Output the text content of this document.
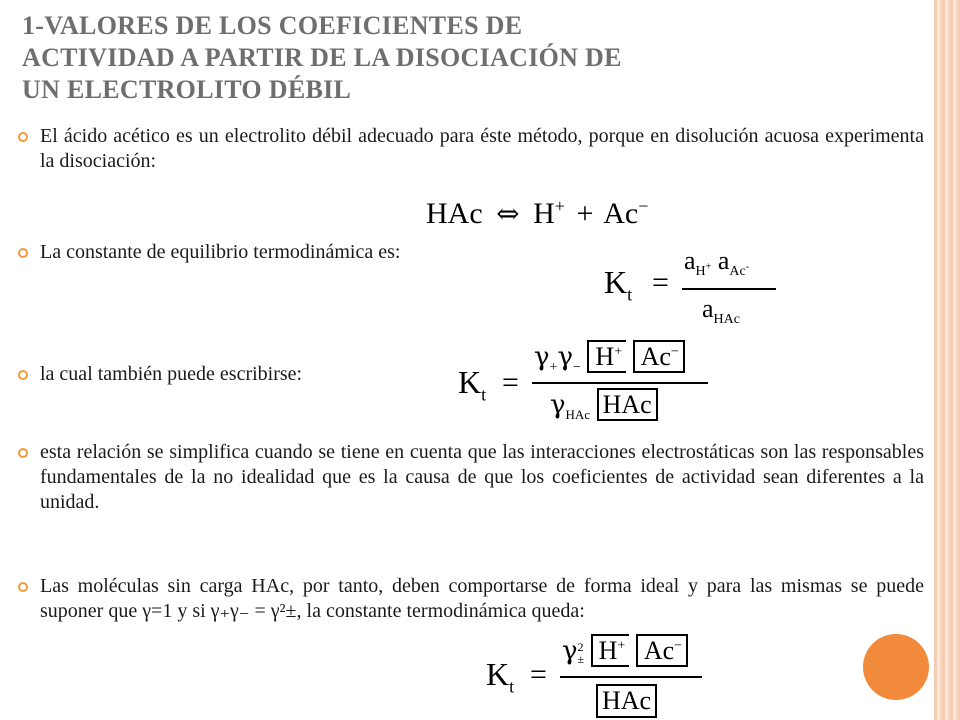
1-VALORES DE LOS COEFICIENTES DE
ACTIVIDAD A PARTIR DE LA DISOCIACIÓN DE
UN ELECTROLITO DÉBIL
El ácido acético es un electrolito débil adecuado para éste método, porque en disolución acuosa experimenta la disociación:
HAc ⇔ H+ + Ac−
La constante de equilibrio termodinámica es:
$K_t$ =
$a_{H^+}$ $a_{Ac^-}$
$a_{HAc}$
la cual también puede escribirse:	$K_t$ =
$\gamma_+\gamma_-$ H+ Ac−
$\gamma_{HAc}$ HAc
esta relación se simplifica cuando se tiene en cuenta que las interacciones electrostáticas son las responsables fundamentales de la no idealidad que es la causa de que los coeficientes de actividad sean diferentes a la unidad.
Las moléculas sin carga HAc, por tanto, deben comportarse de forma ideal y para las mismas se puede suponer que γ=1 y si γ₊γ₋ = γ²±, la constante termodinámica queda:
$K_t$ =
γ 2
± H+ Ac−
HAc
